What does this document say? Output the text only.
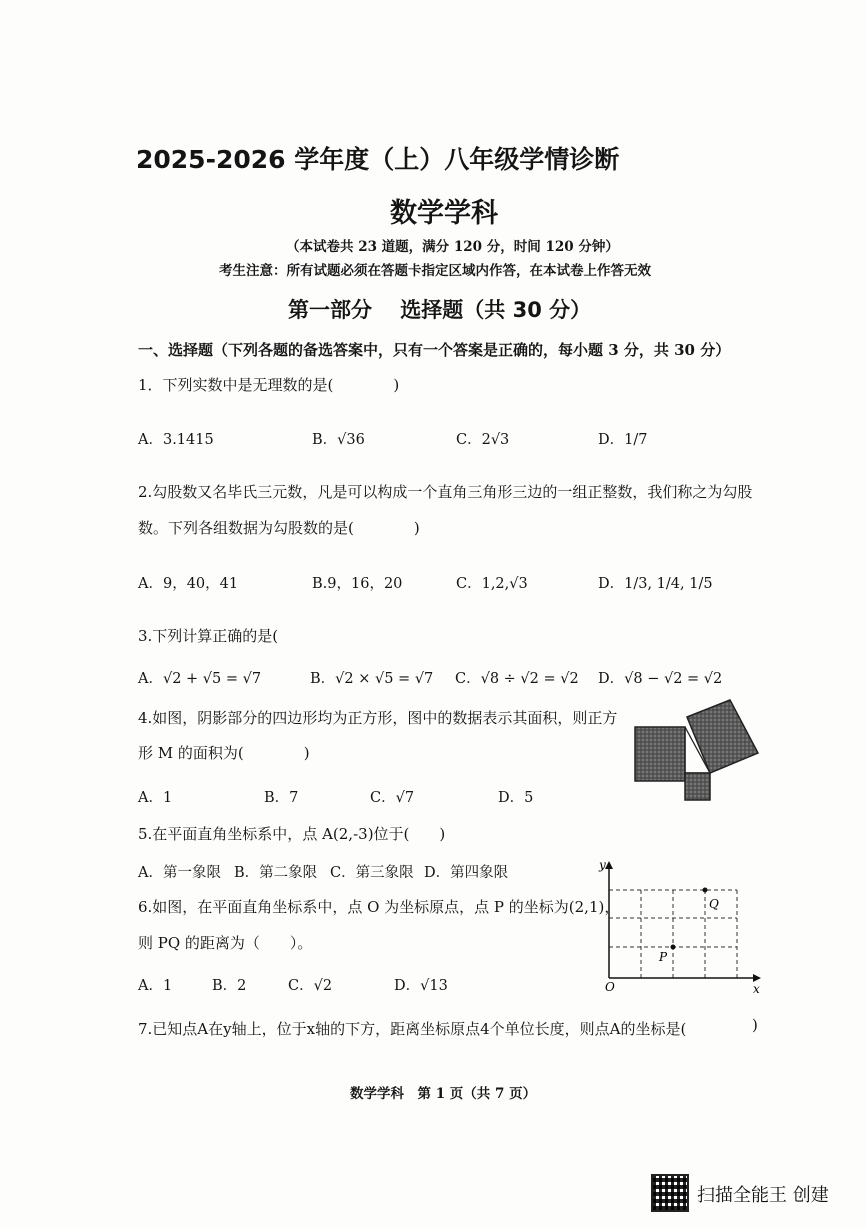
2025-2026 学年度（上）八年级学情诊断
数学学科
（本试卷共 23 道题，满分 120 分，时间 120 分钟）
考生注意：所有试题必须在答题卡指定区域内作答，在本试卷上作答无效
第一部分　 选择题（共 30 分）
一、选择题（下列各题的备选答案中，只有一个答案是正确的，每小题 3 分，共 30 分）
1．下列实数中是无理数的是(　　　　)
A．3.1415	B．√36	C．2√3	D．1/7
2.勾股数又名毕氏三元数，凡是可以构成一个直角三角形三边的一组正整数，我们称之为勾股
数。下列各组数据为勾股数的是(　　　　)
A．9，40，41	B.9，16，20	C．1,2,√3	D．1/3, 1/4, 1/5
3.下列计算正确的是(
A．√2 + √5 = √7	B．√2 × √5 = √7 C．√8 ÷ √2 = √2 D．√8 − √2 = √2
4.如图，阴影部分的四边形均为正方形，图中的数据表示其面积，则正方
形 M 的面积为(　　　　)
A．1	B．7	C．√7	D．5
5.在平面直角坐标系中，点 A(2,-3)位于(　　)
A．第一象限 B．第二象限 C．第三象限 D．第四象限
6.如图，在平面直角坐标系中，点 O 为坐标原点，点 P 的坐标为(2,1)，
则 PQ 的距离为（　　）。
A．1	B．2	C．√2	D．√13
y
x
O
P
Q
7.已知点A在y轴上，位于x轴的下方，距离坐标原点4个单位长度，则点A的坐标是(	)
数学学科　第 1 页（共 7 页）
扫描全能王 创建
